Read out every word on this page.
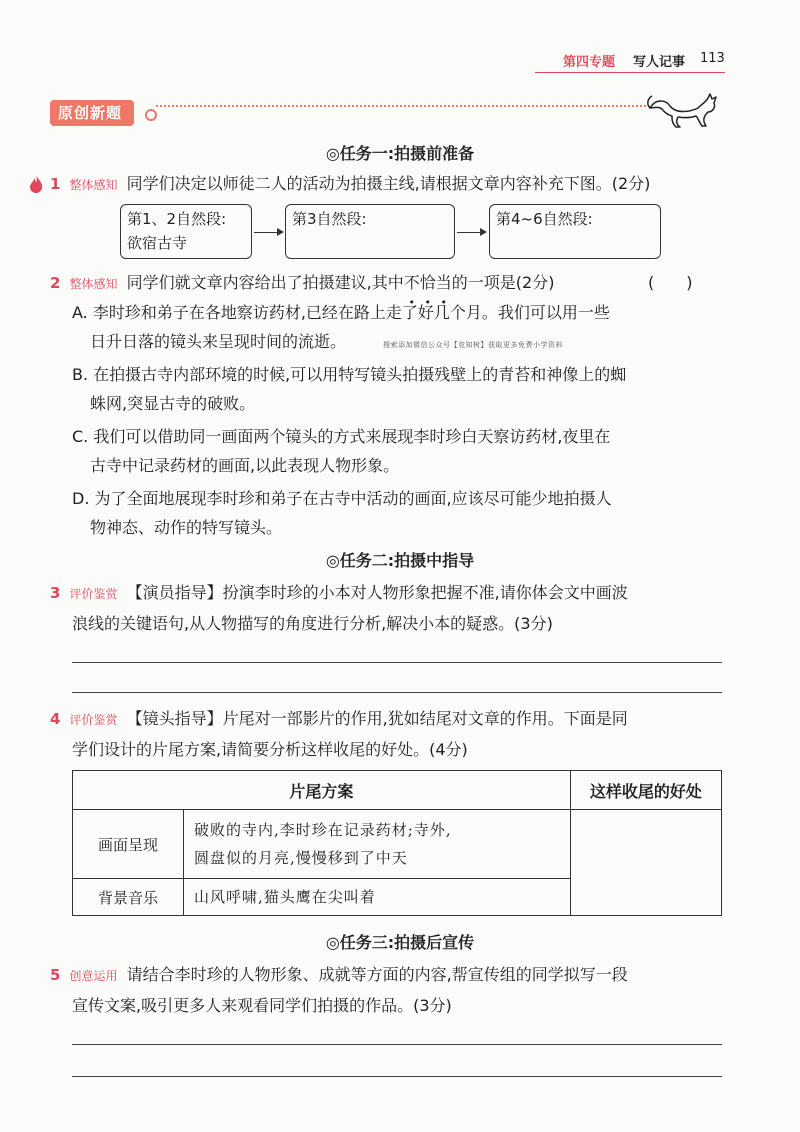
第四专题 写人记事 113
原创新题
◎任务一:拍摄前准备
1 整体感知 同学们决定以师徒二人的活动为拍摄主线,请根据文章内容补充下图。(2分)
第1、2自然段:
欲宿古寺
第3自然段:	第4~6自然段:
2 整体感知 同学们就文章内容给出了拍摄建议,其中不恰当的一项是(2分)	(　　)
A. 李时珍和弟子在各地察访药材,已经在路上走了好几个月。我们可以用一些
日升日落的镜头来呈现时间的流逝。	搜索添加微信公众号【竞知树】获取更多免费小学资料
B. 在拍摄古寺内部环境的时候,可以用特写镜头拍摄残壁上的青苔和神像上的蜘
蛛网,突显古寺的破败。
C. 我们可以借助同一画面两个镜头的方式来展现李时珍白天察访药材,夜里在
古寺中记录药材的画面,以此表现人物形象。
D. 为了全面地展现李时珍和弟子在古寺中活动的画面,应该尽可能少地拍摄人
物神态、动作的特写镜头。
◎任务二:拍摄中指导
3 评价鉴赏 【演员指导】扮演李时珍的小本对人物形象把握不准,请你体会文中画波
浪线的关键语句,从人物描写的角度进行分析,解决小本的疑惑。(3分)
4 评价鉴赏 【镜头指导】片尾对一部影片的作用,犹如结尾对文章的作用。下面是同
学们设计的片尾方案,请简要分析这样收尾的好处。(4分)
片尾方案		这样收尾的好处
画面呈现	破败的寺内,李时珍在记录药材;寺外,
圆盘似的月亮,慢慢移到了中天	

背景音乐	山风呼啸,猫头鹰在尖叫着	
◎任务三:拍摄后宣传
5 创意运用 请结合李时珍的人物形象、成就等方面的内容,帮宣传组的同学拟写一段
宣传文案,吸引更多人来观看同学们拍摄的作品。(3分)
